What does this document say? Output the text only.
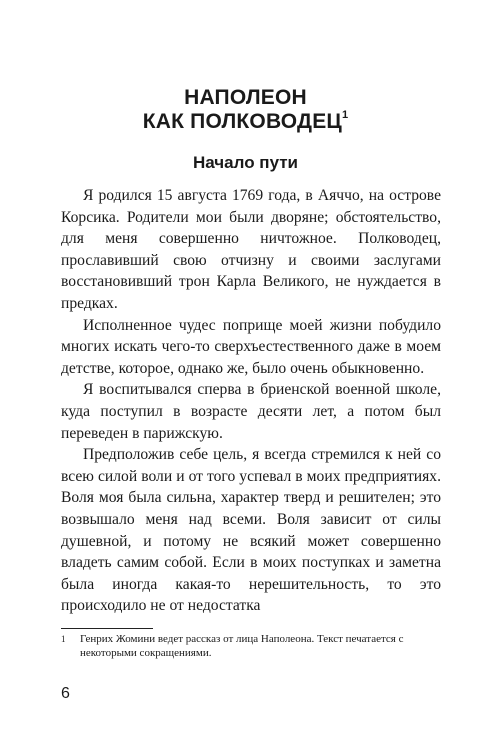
НАПОЛЕОН
КАК ПОЛКОВОДЕЦ$^1$
Начало пути

Я родился 15 августа 1769 года, в Аяччо, на острове Корсика. Родители мои были дворяне; обстоятельство, для меня совершенно ничтожное. Полководец, прославивший свою отчизну и своими заслугами восстановивший трон Карла Великого, не нуждается в предках.

Исполненное чудес поприще моей жизни побудило многих искать чего-то сверхъестественного даже в моем детстве, которое, однако же, было очень обыкновенно.

Я воспитывался сперва в бриенской военной школе, куда поступил в возрасте десяти лет, а потом был переведен в парижскую.

Предположив себе цель, я всегда стремился к ней со всею силой воли и от того успевал в моих предприятиях. Воля моя была сильна, характер тверд и решителен; это возвышало меня над всеми. Воля зависит от силы душевной, и потому не всякий может совершенно владеть самим собой. Если в моих поступках и заметна была иногда какая-то нерешительность, то это происходило не от недостатка

1	Генрих Жомини ведет рассказ от лица Наполеона. Текст печатается с некоторыми сокращениями.
6
